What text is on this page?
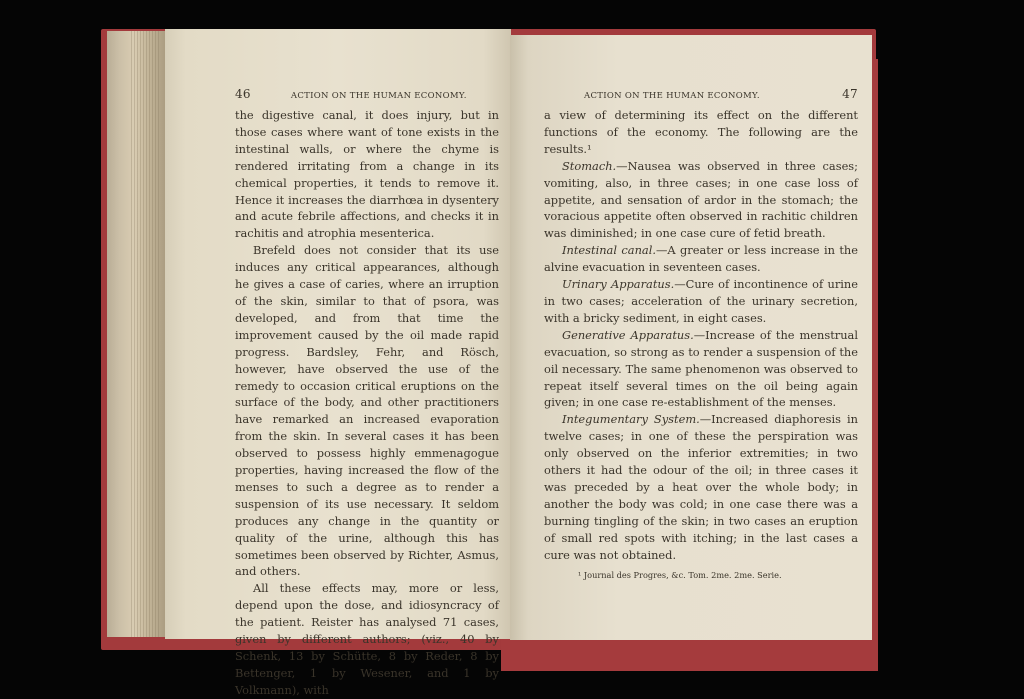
46	ACTION ON THE HUMAN ECONOMY.

the digestive canal, it does injury, but in those cases where want of tone exists in the intestinal walls, or where the chyme is rendered irritating from a change in its chemical properties, it tends to remove it. Hence it increases the diarrhœa in dysentery and acute febrile affections, and checks it in rachitis and atrophia mesenterica.

Brefeld does not consider that its use induces any critical appearances, although he gives a case of caries, where an irruption of the skin, similar to that of psora, was developed, and from that time the improvement caused by the oil made rapid progress. Bardsley, Fehr, and Rösch, however, have observed the use of the remedy to occasion critical eruptions on the surface of the body, and other practitioners have remarked an increased evaporation from the skin. In several cases it has been observed to possess highly emmenagogue properties, having increased the flow of the menses to such a degree as to render a suspension of its use necessary. It seldom produces any change in the quantity or quality of the urine, although this has sometimes been observed by Richter, Asmus, and others.

All these effects may, more or less, depend upon the dose, and idiosyncracy of the patient. Reister has analysed 71 cases, given by different authors; (viz., 40 by Schenk, 13 by Schütte, 8 by Reder, 8 by Bettenger, 1 by Wesener, and 1 by Volkmann), with

ACTION ON THE HUMAN ECONOMY.	47

a view of determining its effect on the different functions of the economy. The following are the results.¹

Stomach.—Nausea was observed in three cases; vomiting, also, in three cases; in one case loss of appetite, and sensation of ardor in the stomach; the voracious appetite often observed in rachitic children was diminished; in one case cure of fetid breath.

Intestinal canal.—A greater or less increase in the alvine evacuation in seventeen cases.

Urinary Apparatus.—Cure of incontinence of urine in two cases; acceleration of the urinary secretion, with a bricky sediment, in eight cases.

Generative Apparatus.—Increase of the menstrual evacuation, so strong as to render a suspension of the oil necessary. The same phenomenon was observed to repeat itself several times on the oil being again given; in one case re-establishment of the menses.

Integumentary System.—Increased diaphoresis in twelve cases; in one of these the perspiration was only observed on the inferior extremities; in two others it had the odour of the oil; in three cases it was preceded by a heat over the whole body; in another the body was cold; in one case there was a burning tingling of the skin; in two cases an eruption of small red spots with itching; in the last cases a cure was not obtained.

¹ Journal des Progres, &c. Tom. 2me. 2me. Serie.
